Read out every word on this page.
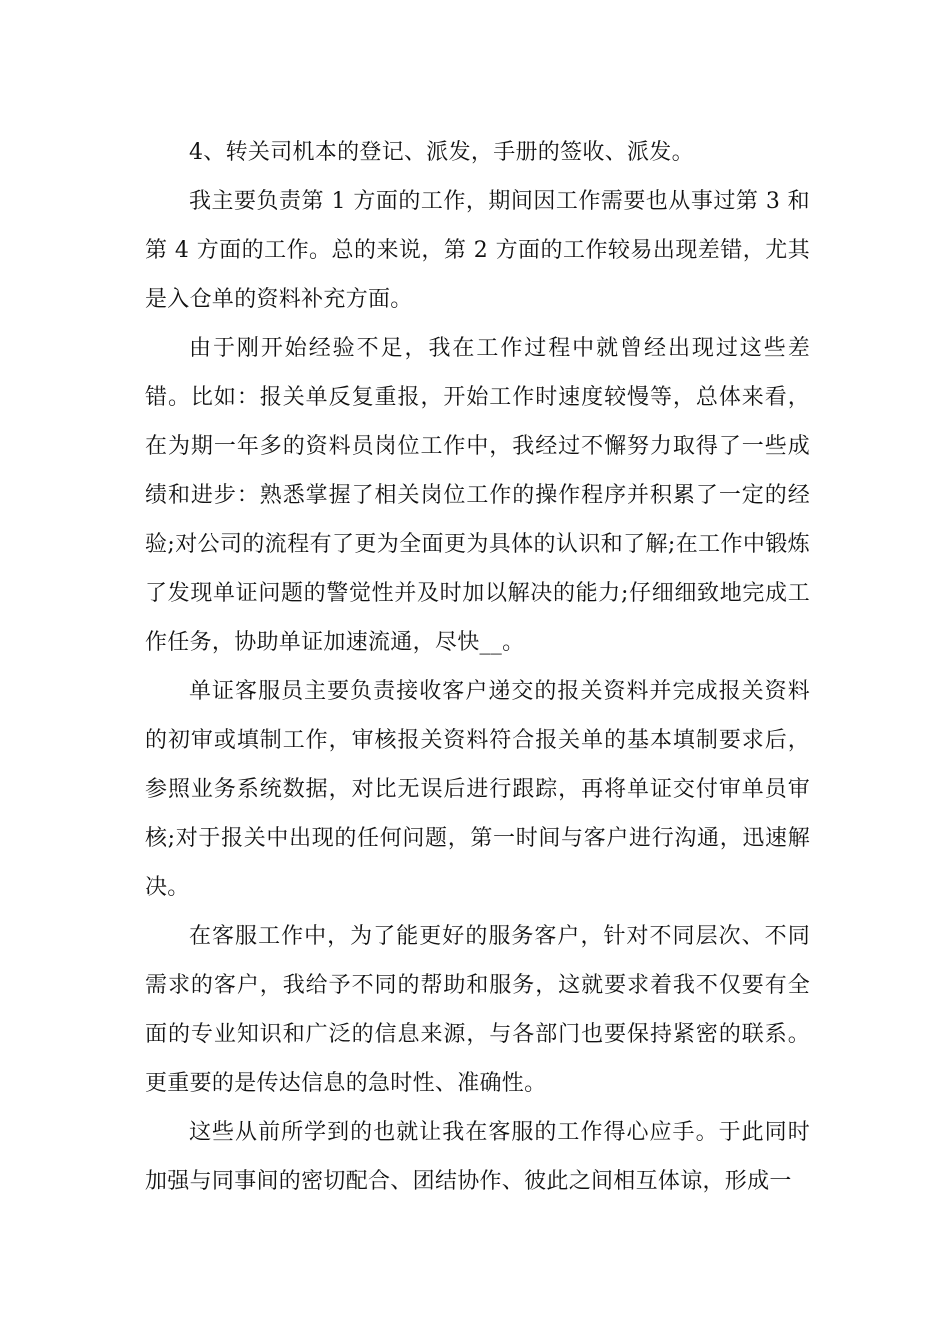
4、转关司机本的登记、派发，手册的签收、派发。

我主要负责第 1 方面的工作，期间因工作需要也从事过第 3 和第 4 方面的工作。总的来说，第 2 方面的工作较易出现差错，尤其是入仓单的资料补充方面。

由于刚开始经验不足，我在工作过程中就曾经出现过这些差错。比如：报关单反复重报，开始工作时速度较慢等，总体来看，在为期一年多的资料员岗位工作中，我经过不懈努力取得了一些成绩和进步：熟悉掌握了相关岗位工作的操作程序并积累了一定的经验;对公司的流程有了更为全面更为具体的认识和了解;在工作中锻炼了发现单证问题的警觉性并及时加以解决的能力;仔细细致地完成工作任务，协助单证加速流通，尽快__。

单证客服员主要负责接收客户递交的报关资料并完成报关资料的初审或填制工作，审核报关资料符合报关单的基本填制要求后，参照业务系统数据，对比无误后进行跟踪，再将单证交付审单员审核;对于报关中出现的任何问题，第一时间与客户进行沟通，迅速解决。

在客服工作中，为了能更好的服务客户，针对不同层次、不同需求的客户，我给予不同的帮助和服务，这就要求着我不仅要有全面的专业知识和广泛的信息来源，与各部门也要保持紧密的联系。更重要的是传达信息的急时性、准确性。

这些从前所学到的也就让我在客服的工作得心应手。于此同时加强与同事间的密切配合、团结协作、彼此之间相互体谅，形成一
